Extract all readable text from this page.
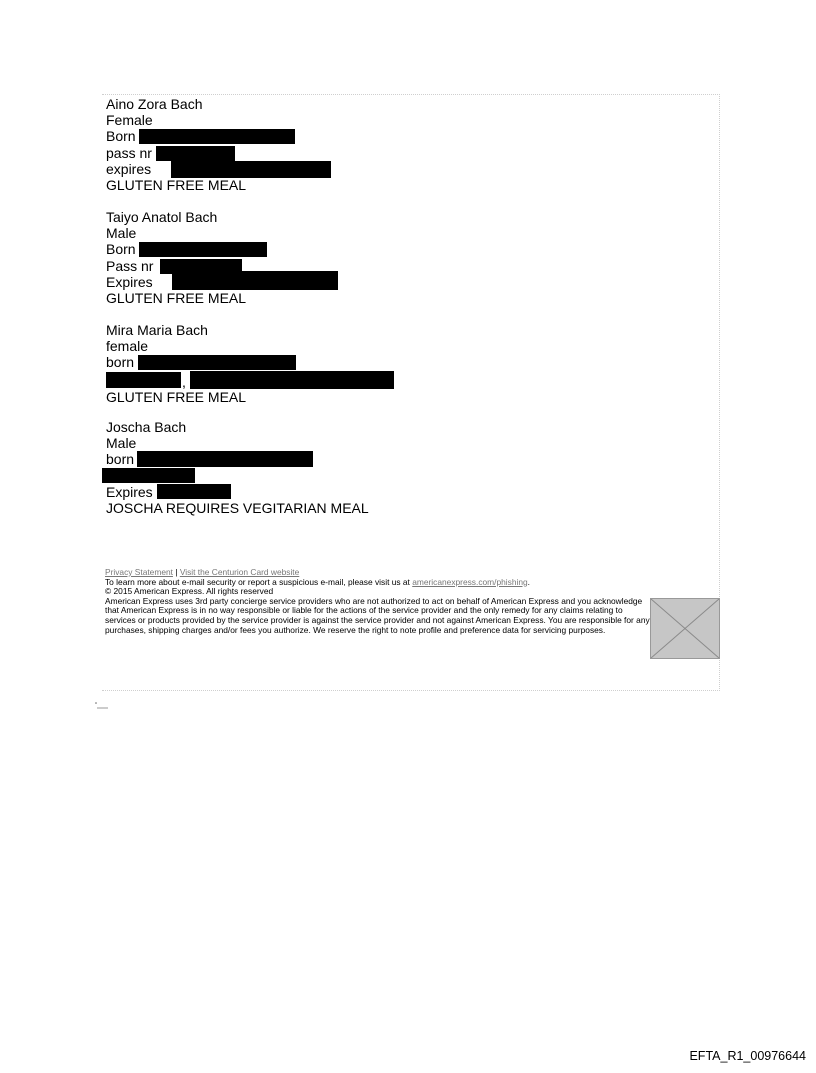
Aino Zora Bach
Female
Born
pass nr
expires
GLUTEN FREE MEAL
Taiyo Anatol Bach
Male
Born
Pass nr
Expires
GLUTEN FREE MEAL
Mira Maria Bach
female
born
,
GLUTEN FREE MEAL
Joscha Bach
Male
born
Expires
JOSCHA REQUIRES VEGITARIAN MEAL
Privacy Statement | Visit the Centurion Card website
To learn more about e-mail security or report a suspicious e-mail, please visit us at americanexpress.com/phishing.
© 2015 American Express. All rights reserved
American Express uses 3rd party concierge service providers who are not authorized to act on behalf of American Express and you acknowledge that American Express is in no way responsible or liable for the actions of the service provider and the only remedy for any claims relating to services or products provided by the service provider is against the service provider and not against American Express. You are responsible for any purchases, shipping charges and/or fees you authorize. We reserve the right to note profile and preference data for servicing purposes.
EFTA_R1_00976644
